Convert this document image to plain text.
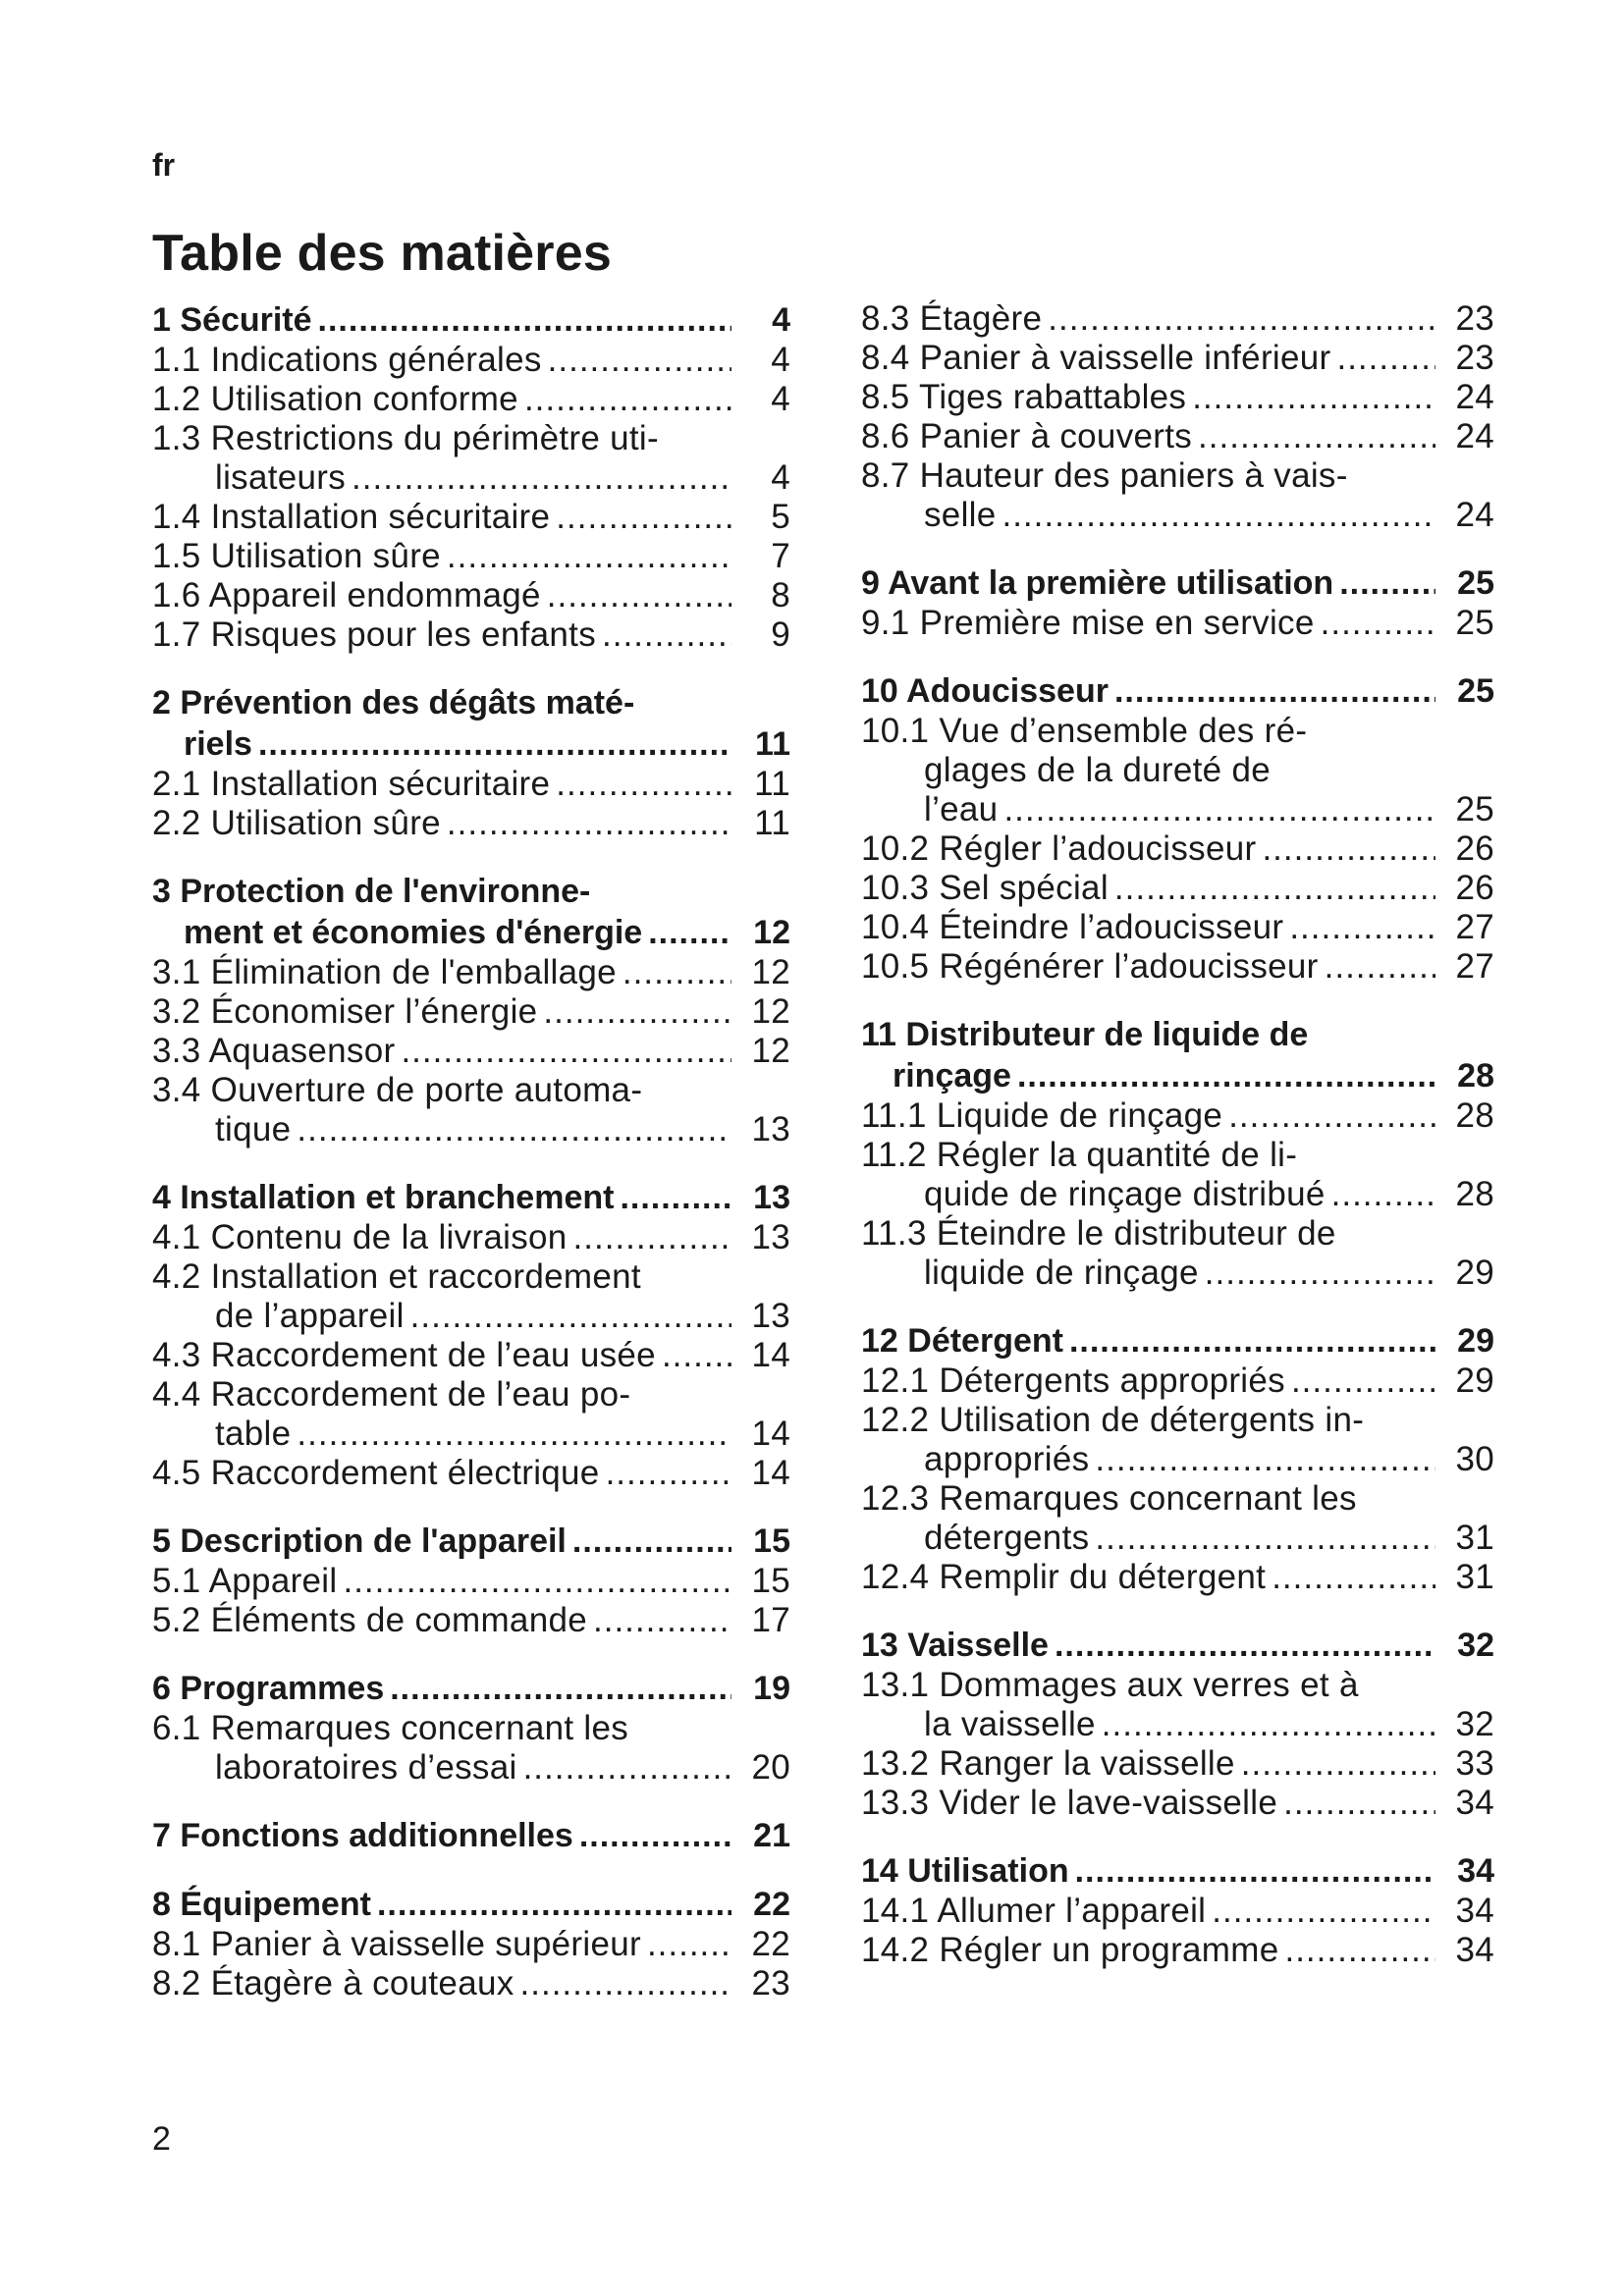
fr
Table des matières
1 Sécurité .....	4
1.1 Indications générales .....	4
1.2 Utilisation conforme .....	4
1.3 Restrictions du périmètre uti-
lisateurs .....	4
1.4 Installation sécuritaire .....	5
1.5 Utilisation sûre .....	7
1.6 Appareil endommagé .....	8
1.7 Risques pour les enfants .....	9
2 Prévention des dégâts maté-
riels .....	11
2.1 Installation sécuritaire .....	11
2.2 Utilisation sûre .....	11
3 Protection de l'environne-
ment et économies d'énergie .....	12
3.1 Élimination de l'emballage .....	12
3.2 Économiser l’énergie .....	12
3.3 Aquasensor .....	12
3.4 Ouverture de porte automa-
tique .....	13
4 Installation et branchement .....	13
4.1 Contenu de la livraison .....	13
4.2 Installation et raccordement
de l’appareil .....	13
4.3 Raccordement de l’eau usée .....	14
4.4 Raccordement de l’eau po-
table .....	14
4.5 Raccordement électrique .....	14
5 Description de l'appareil .....	15
5.1 Appareil .....	15
5.2 Éléments de commande .....	17
6 Programmes .....	19
6.1 Remarques concernant les
laboratoires d’essai .....	20
7 Fonctions additionnelles .....	21
8 Équipement .....	22
8.1 Panier à vaisselle supérieur .....	22
8.2 Étagère à couteaux .....	23
8.3 Étagère .....	23
8.4 Panier à vaisselle inférieur .....	23
8.5 Tiges rabattables .....	24
8.6 Panier à couverts .....	24
8.7 Hauteur des paniers à vais-
selle .....	24
9 Avant la première utilisation .....	25
9.1 Première mise en service .....	25
10 Adoucisseur .....	25
10.1 Vue d’ensemble des ré-
glages de la dureté de
l’eau .....	25
10.2 Régler l’adoucisseur .....	26
10.3 Sel spécial .....	26
10.4 Éteindre l’adoucisseur .....	27
10.5 Régénérer l’adoucisseur .....	27
11 Distributeur de liquide de
rinçage .....	28
11.1 Liquide de rinçage .....	28
11.2 Régler la quantité de li-
quide de rinçage distribué .....	28
11.3 Éteindre le distributeur de
liquide de rinçage .....	29
12 Détergent .....	29
12.1 Détergents appropriés .....	29
12.2 Utilisation de détergents in-
appropriés .....	30
12.3 Remarques concernant les
détergents .....	31
12.4 Remplir du détergent .....	31
13 Vaisselle .....	32
13.1 Dommages aux verres et à
la vaisselle .....	32
13.2 Ranger la vaisselle .....	33
13.3 Vider le lave-vaisselle .....	34
14 Utilisation .....	34
14.1 Allumer l’appareil .....	34
14.2 Régler un programme .....	34
2
